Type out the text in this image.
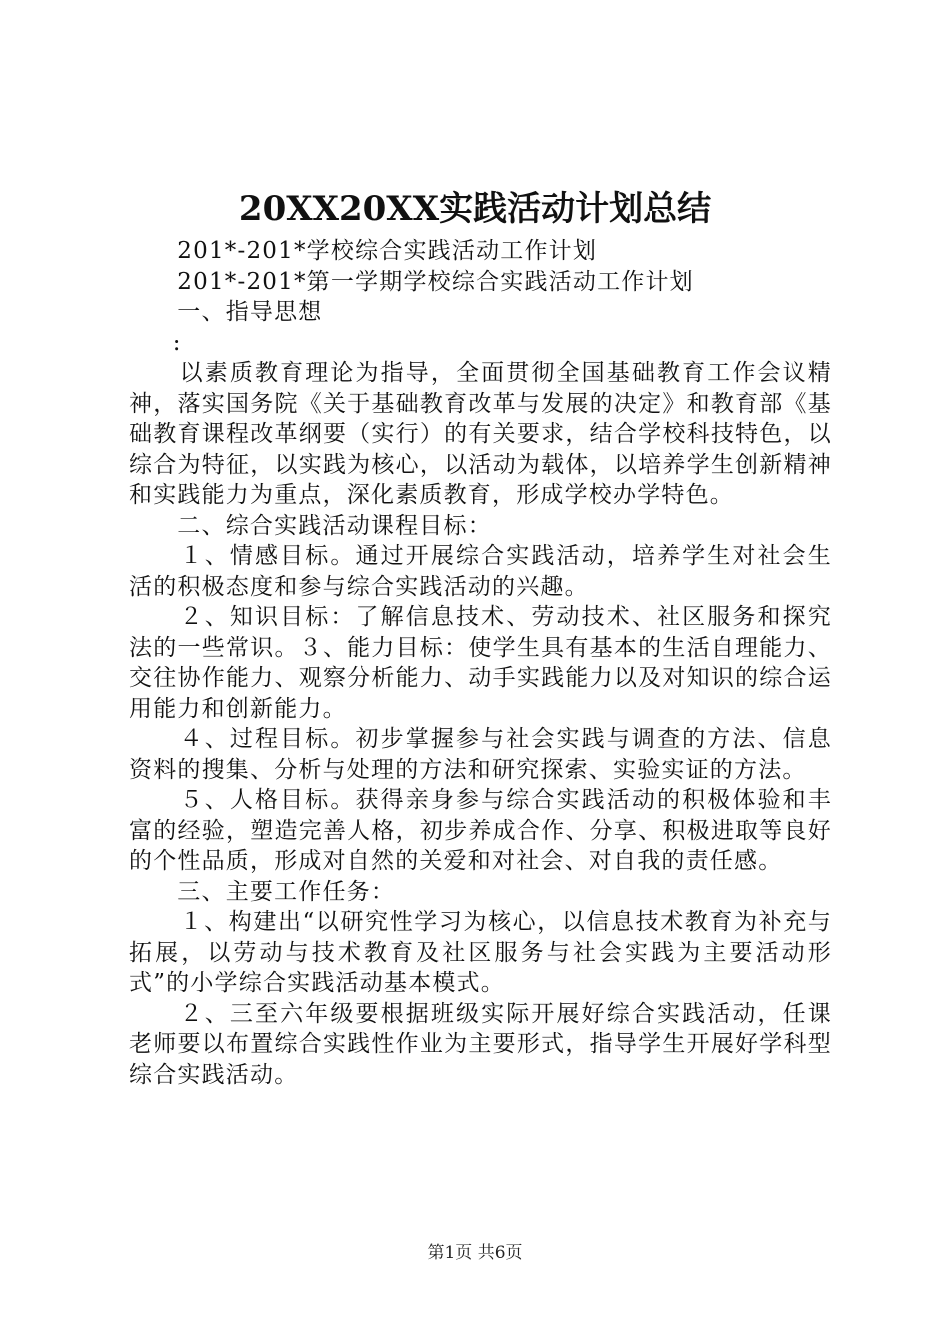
20XX20XX实践活动计划总结

201*-201*学校综合实践活动工作计划

201*-201*第一学期学校综合实践活动工作计划

一、指导思想

:

以素质教育理论为指导，全面贯彻全国基础教育工作会议精神，落实国务院《关于基础教育改革与发展的决定》和教育部《基础教育课程改革纲要（实行）的有关要求，结合学校科技特色，以综合为特征，以实践为核心，以活动为载体，以培养学生创新精神和实践能力为重点，深化素质教育，形成学校办学特色。

二、综合实践活动课程目标：

１、情感目标。通过开展综合实践活动，培养学生对社会生活的积极态度和参与综合实践活动的兴趣。

２、知识目标：了解信息技术、劳动技术、社区服务和探究法的一些常识。３、能力目标：使学生具有基本的生活自理能力、交往协作能力、观察分析能力、动手实践能力以及对知识的综合运用能力和创新能力。

４、过程目标。初步掌握参与社会实践与调查的方法、信息资料的搜集、分析与处理的方法和研究探索、实验实证的方法。

５、人格目标。获得亲身参与综合实践活动的积极体验和丰富的经验，塑造完善人格，初步养成合作、分享、积极进取等良好的个性品质，形成对自然的关爱和对社会、对自我的责任感。

三、主要工作任务：

１、构建出“以研究性学习为核心，以信息技术教育为补充与拓展，以劳动与技术教育及社区服务与社会实践为主要活动形式”的小学综合实践活动基本模式。

２、三至六年级要根据班级实际开展好综合实践活动，任课老师要以布置综合实践性作业为主要形式，指导学生开展好学科型综合实践活动。

第1页 共6页
